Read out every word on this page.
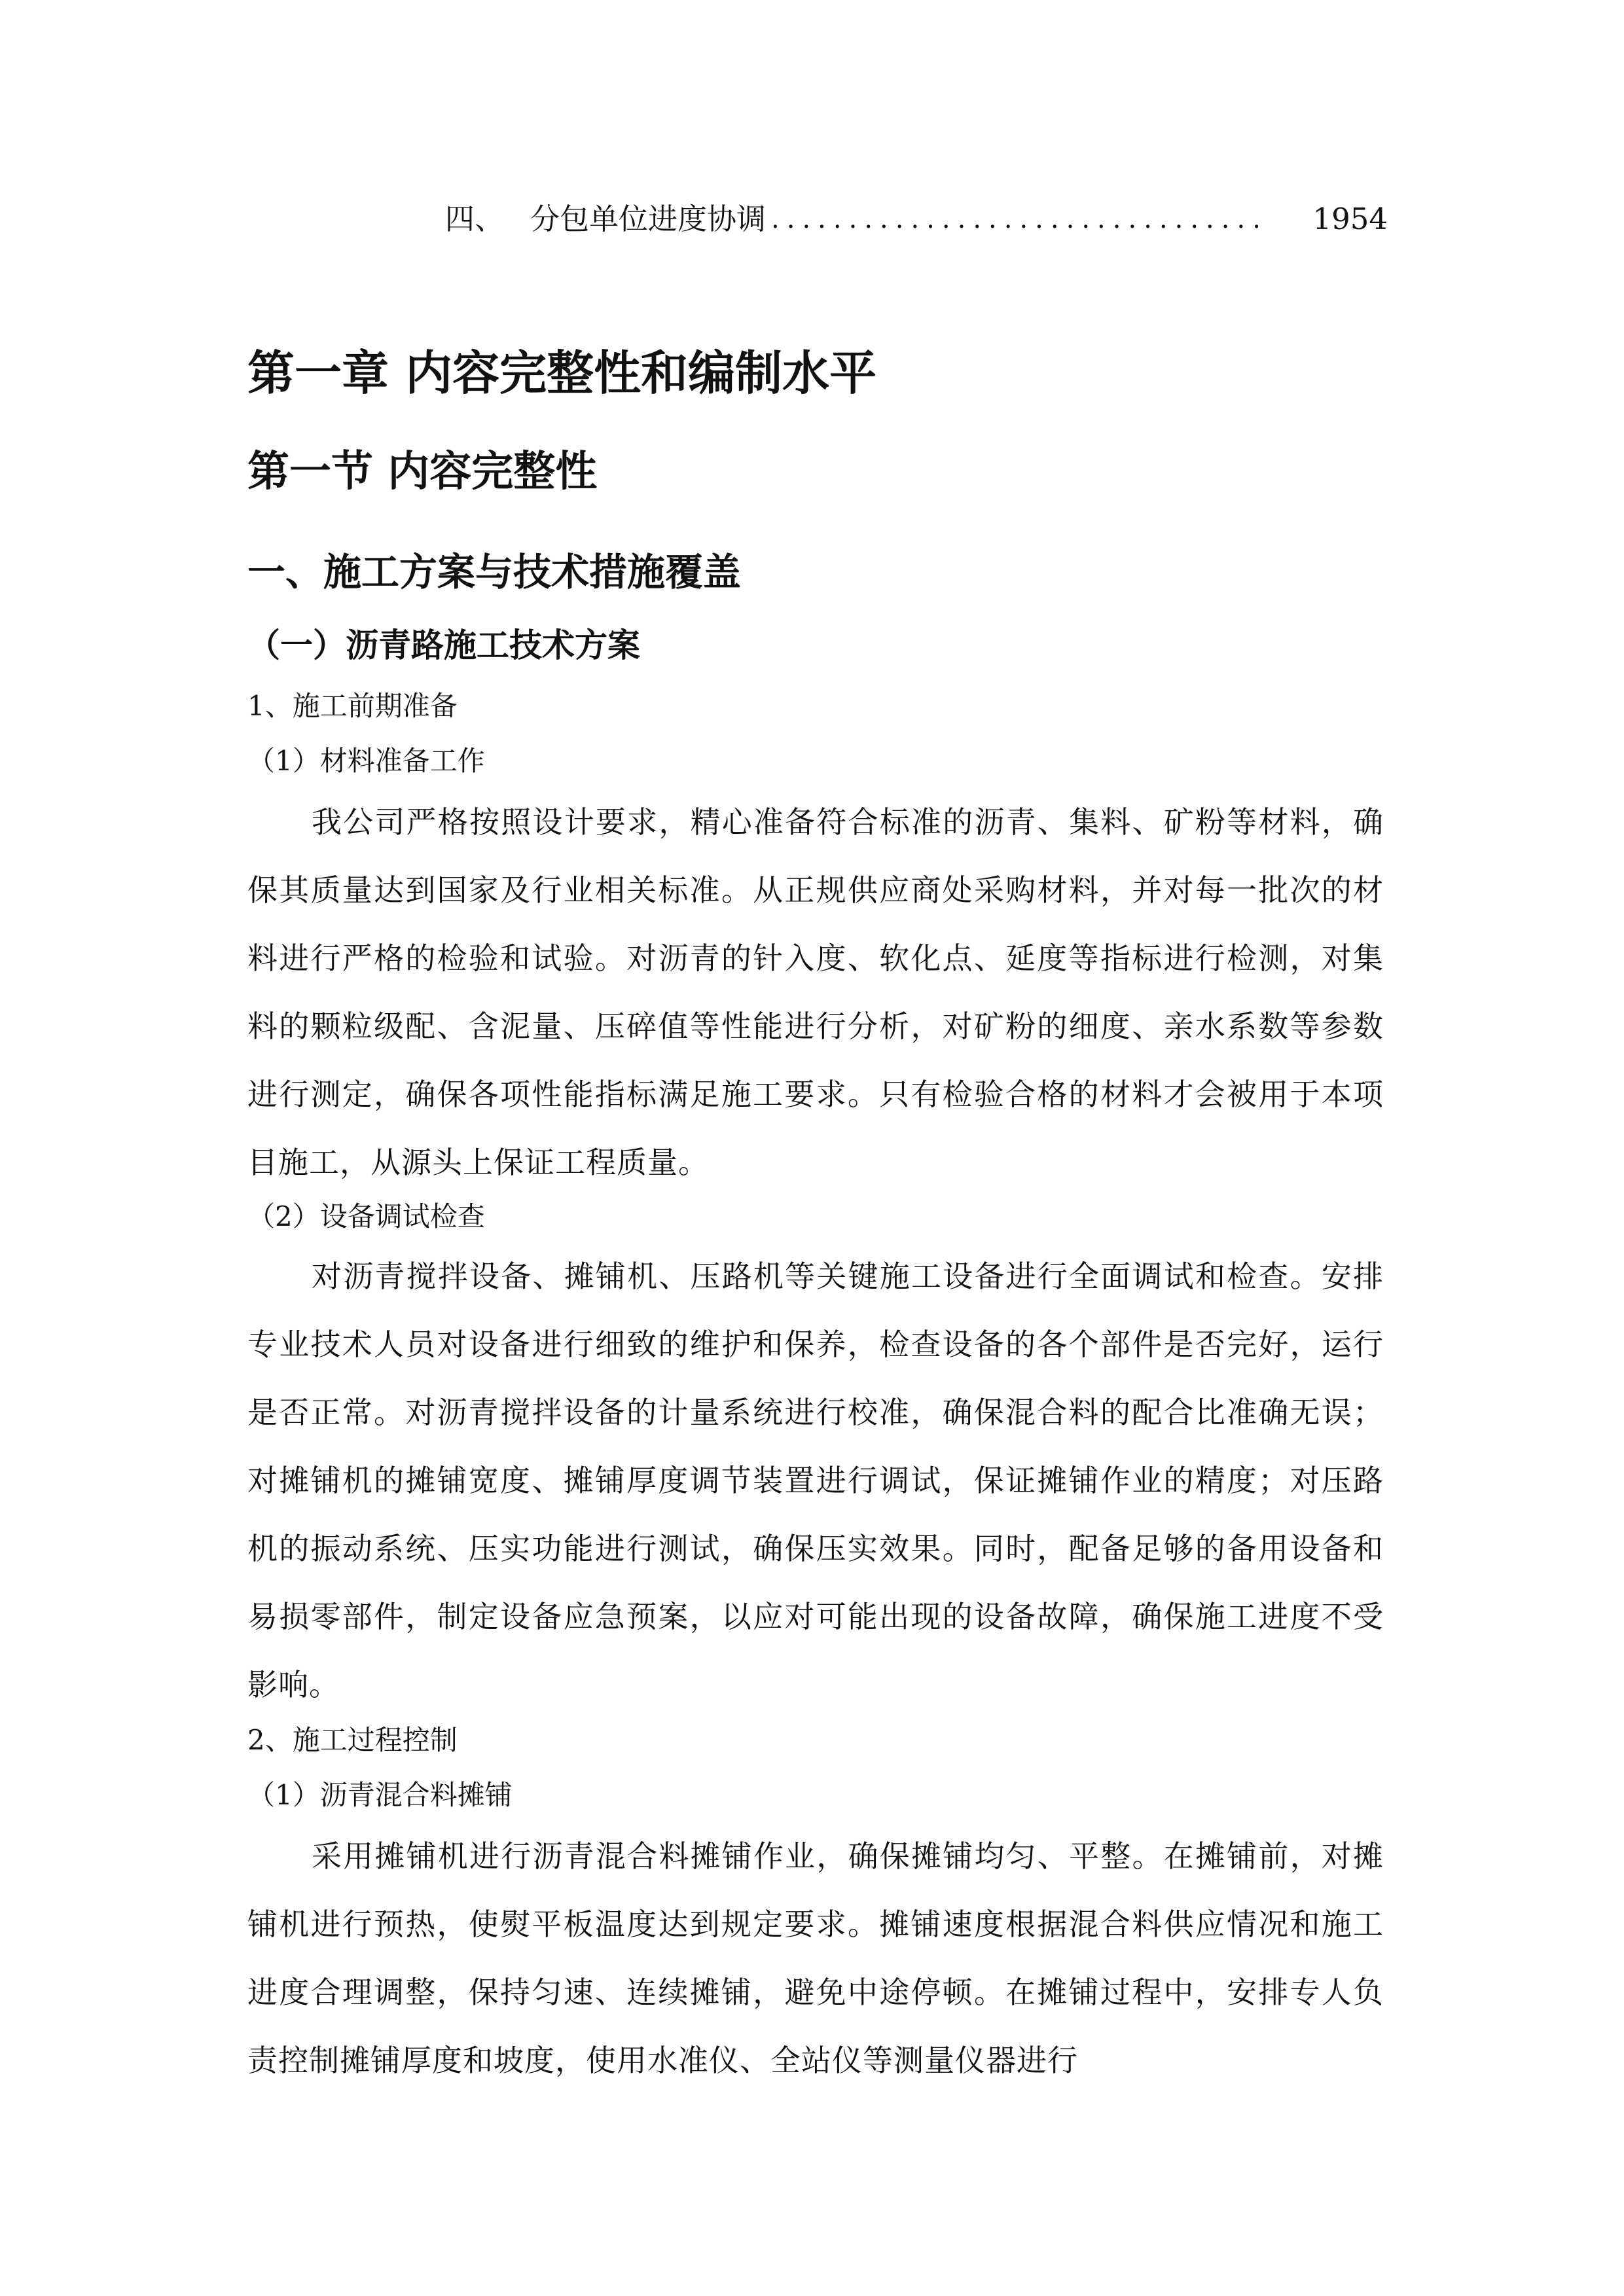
四、 分包单位进度协调 ................................	1954
第一章 内容完整性和编制水平
第一节 内容完整性
一、施工方案与技术措施覆盖
（一）沥青路施工技术方案

1、施工前期准备

（1）材料准备工作

我公司严格按照设计要求，精心准备符合标准的沥青、集料、矿粉等材料，确保其质量达到国家及行业相关标准。从正规供应商处采购材料，并对每一批次的材料进行严格的检验和试验。对沥青的针入度、软化点、延度等指标进行检测，对集料的颗粒级配、含泥量、压碎值等性能进行分析，对矿粉的细度、亲水系数等参数进行测定，确保各项性能指标满足施工要求。只有检验合格的材料才会被用于本项目施工，从源头上保证工程质量。

（2）设备调试检查

对沥青搅拌设备、摊铺机、压路机等关键施工设备进行全面调试和检查。安排专业技术人员对设备进行细致的维护和保养，检查设备的各个部件是否完好，运行是否正常。对沥青搅拌设备的计量系统进行校准，确保混合料的配合比准确无误；对摊铺机的摊铺宽度、摊铺厚度调节装置进行调试，保证摊铺作业的精度；对压路机的振动系统、压实功能进行测试，确保压实效果。同时，配备足够的备用设备和易损零部件，制定设备应急预案，以应对可能出现的设备故障，确保施工进度不受影响。

2、施工过程控制

（1）沥青混合料摊铺

采用摊铺机进行沥青混合料摊铺作业，确保摊铺均匀、平整。在摊铺前，对摊铺机进行预热，使熨平板温度达到规定要求。摊铺速度根据混合料供应情况和施工进度合理调整，保持匀速、连续摊铺，避免中途停顿。在摊铺过程中，安排专人负责控制摊铺厚度和坡度，使用水准仪、全站仪等测量仪器进行
